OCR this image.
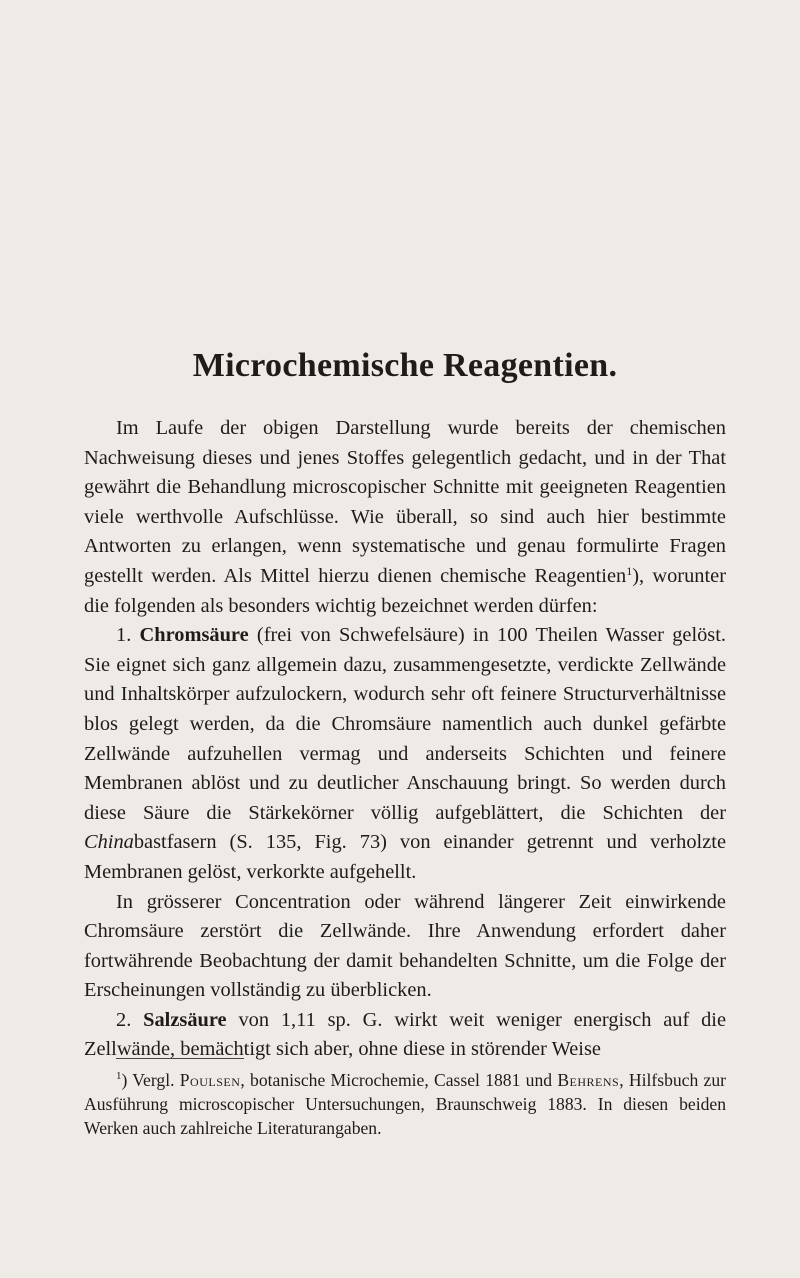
Microchemische Reagentien.

Im Laufe der obigen Darstellung wurde bereits der chemischen Nachweisung dieses und jenes Stoffes gelegentlich gedacht, und in der That gewährt die Behandlung microscopischer Schnitte mit geeigneten Reagentien viele werthvolle Aufschlüsse. Wie überall, so sind auch hier bestimmte Antworten zu erlangen, wenn systematische und genau formulirte Fragen gestellt werden. Als Mittel hierzu dienen chemische Reagentien$^1$), worunter die folgenden als besonders wichtig bezeichnet werden dürfen:

1. Chromsäure (frei von Schwefelsäure) in 100 Theilen Wasser gelöst. Sie eignet sich ganz allgemein dazu, zusammengesetzte, verdickte Zellwände und Inhaltskörper aufzulockern, wodurch sehr oft feinere Structurverhältnisse blos gelegt werden, da die Chromsäure namentlich auch dunkel gefärbte Zellwände aufzuhellen vermag und anderseits Schichten und feinere Membranen ablöst und zu deutlicher Anschauung bringt. So werden durch diese Säure die Stärkekörner völlig aufgeblättert, die Schichten der Chinabastfasern (S. 135, Fig. 73) von einander getrennt und verholzte Membranen gelöst, verkorkte aufgehellt.

In grösserer Concentration oder während längerer Zeit einwirkende Chromsäure zerstört die Zellwände. Ihre Anwendung erfordert daher fortwährende Beobachtung der damit behandelten Schnitte, um die Folge der Erscheinungen vollständig zu überblicken.

2. Salzsäure von 1,11 sp. G. wirkt weit weniger energisch auf die Zellwände, bemächtigt sich aber, ohne diese in störender Weise

$^1$) Vergl. Poulsen, botanische Microchemie, Cassel 1881 und Behrens, Hilfsbuch zur Ausführung microscopischer Untersuchungen, Braunschweig 1883. In diesen beiden Werken auch zahlreiche Literaturangaben.
